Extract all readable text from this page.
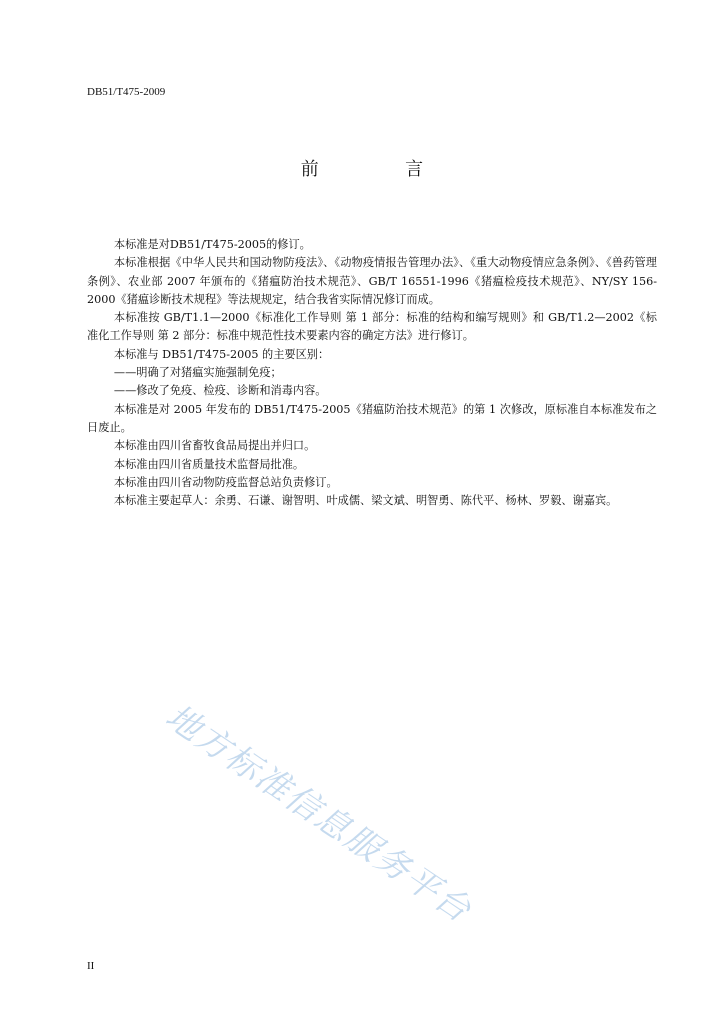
DB51/T475-2009
前　言

本标准是对DB51/T475-2005的修订。

本标准根据《中华人民共和国动物防疫法》、《动物疫情报告管理办法》、《重大动物疫情应急条例》、《兽药管理条例》、农业部 2007 年颁布的《猪瘟防治技术规范》、GB/T 16551-1996《猪瘟检疫技术规范》、NY/SY 156-2000《猪瘟诊断技术规程》等法规规定，结合我省实际情况修订而成。

本标准按 GB/T1.1—2000《标准化工作导则 第 1 部分：标准的结构和编写规则》和 GB/T1.2—2002《标准化工作导则 第 2 部分：标准中规范性技术要素内容的确定方法》进行修订。

本标准与 DB51/T475-2005 的主要区别：

——明确了对猪瘟实施强制免疫；

——修改了免疫、检疫、诊断和消毒内容。

本标准是对 2005 年发布的 DB51/T475-2005《猪瘟防治技术规范》的第 1 次修改，原标准自本标准发布之日废止。

本标准由四川省畜牧食品局提出并归口。

本标准由四川省质量技术监督局批准。

本标准由四川省动物防疫监督总站负责修订。

本标准主要起草人：余勇、石谦、谢智明、叶成儒、梁文斌、明智勇、陈代平、杨林、罗毅、谢嘉宾。

地方标准信息服务平台
II
